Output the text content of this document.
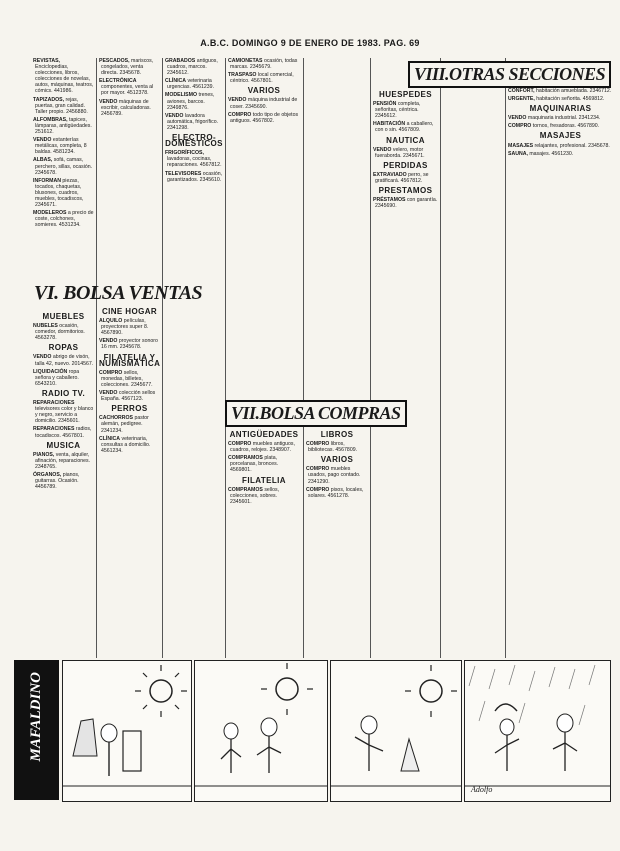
A.B.C. DOMINGO 9 DE ENERO DE 1983. PAG. 69
VI. BOLSA VENTAS
VII.BOLSA COMPRAS
VIII.OTRAS SECCIONES

REVISTAS, Enciclopedias, colecciones, libros, colecciones de novelas, autos, máquinas, teatros, cómics. 441986.

TAPIZADOS, rejas, puertas, gran calidad. Taller propio. 2456880.

ALFOMBRAS, tapices, lámparas, antigüedades. 251612.

VENDO estanterías metálicas, completa, 8 baldas. 4581234.

ALBAS, sofá, camas, perchero, sillas, ocasión. 2345678.

INFORMAN piezas, tocados, chaquetas, blusones, cuadros, muebles, tocadiscos, 2345671.

MODELEROS a precio de coste, colchones, somieres. 4531234.

MUEBLES

NUBELES ocasión, comedor, dormitorios. 4563278.

ROPAS

VENDO abrigo de visón, talla 42, nuevo. 2014567.

LIQUIDACIÓN ropa señora y caballero. 6543210.

RADIO TV.

REPARACIONES televisores color y blanco y negro, servicio a domicilio. 2345601.

REPARACIONES radios, tocadiscos. 4567801.

MUSICA

PIANOS, venta, alquiler, afinación, reparaciones. 2348765.

ÓRGANOS, pianos, guitarras. Ocasión. 4456789.

PESCADOS, mariscos, congelados, venta directa. 2345678.

ELECTRÓNICA componentes, venta al por mayor. 4512378.

VENDO máquinas de escribir, calculadoras. 2456789.

CINE HOGAR

ALQUILO películas, proyectores super 8. 4567890.

VENDO proyector sonoro 16 mm. 2345678.

FILATELIA Y NUMISMÁTICA

COMPRO sellos, monedas, billetes, colecciones. 2345677.

VENDO colección sellos España. 4567123.

PERROS

CACHORROS pastor alemán, pedigree. 2341234.

CLÍNICA veterinaria, consultas a domicilio. 4561234.

GRABADOS antiguos, cuadros, marcos. 2345612.

CLÍNICA veterinaria urgencias. 4561239.

MODELISMO trenes, aviones, barcos. 2349876.

VENDO lavadora automática, frigorífico. 2341298.

ELECTRO-DOMÉSTICOS

FRIGORÍFICOS, lavadoras, cocinas, reparaciones. 4567812.

TELEVISORES ocasión, garantizados. 2345610.

CAMIONETAS ocasión, todas marcas. 2345679.

TRASPASO local comercial, céntrico. 4567801.

VARIOS

VENDO máquina industrial de coser. 2345690.

COMPRO todo tipo de objetos antiguos. 4567802.

ANTIGÜEDADES

COMPRO muebles antiguos, cuadros, relojes. 2348907.

COMPRAMOS plata, porcelanas, bronces. 4569801.

FILATELIA

COMPRAMOS sellos, colecciones, sobres. 2345601.

LIBROS

COMPRO libros, bibliotecas. 4567809.

VARIOS

COMPRO muebles usados, pago contado. 2341290.

COMPRO pisos, locales, solares. 4561278.

HUESPEDES

PENSIÓN completa, señoritas, céntrica. 2345612.

HABITACIÓN a caballero, con o sin. 4567809.

NAUTICA

VENDO velero, motor fueraborda. 2345671.

PERDIDAS

EXTRAVIADO perro, se gratificará. 4567812.

PRESTAMOS

PRÉSTAMOS con garantía. 2345690.

CONFORT, habitación amueblada. 2346712.

URGENTE, habitación señorita. 4569812.

MAQUINARIAS

VENDO maquinaria industrial. 2341234.

COMPRO tornos, fresadoras. 4567890.

MASAJES

MASAJES relajantes, profesional. 2345678.

SAUNA, masajes. 4561230.

MAFALDINO
Adolfo
